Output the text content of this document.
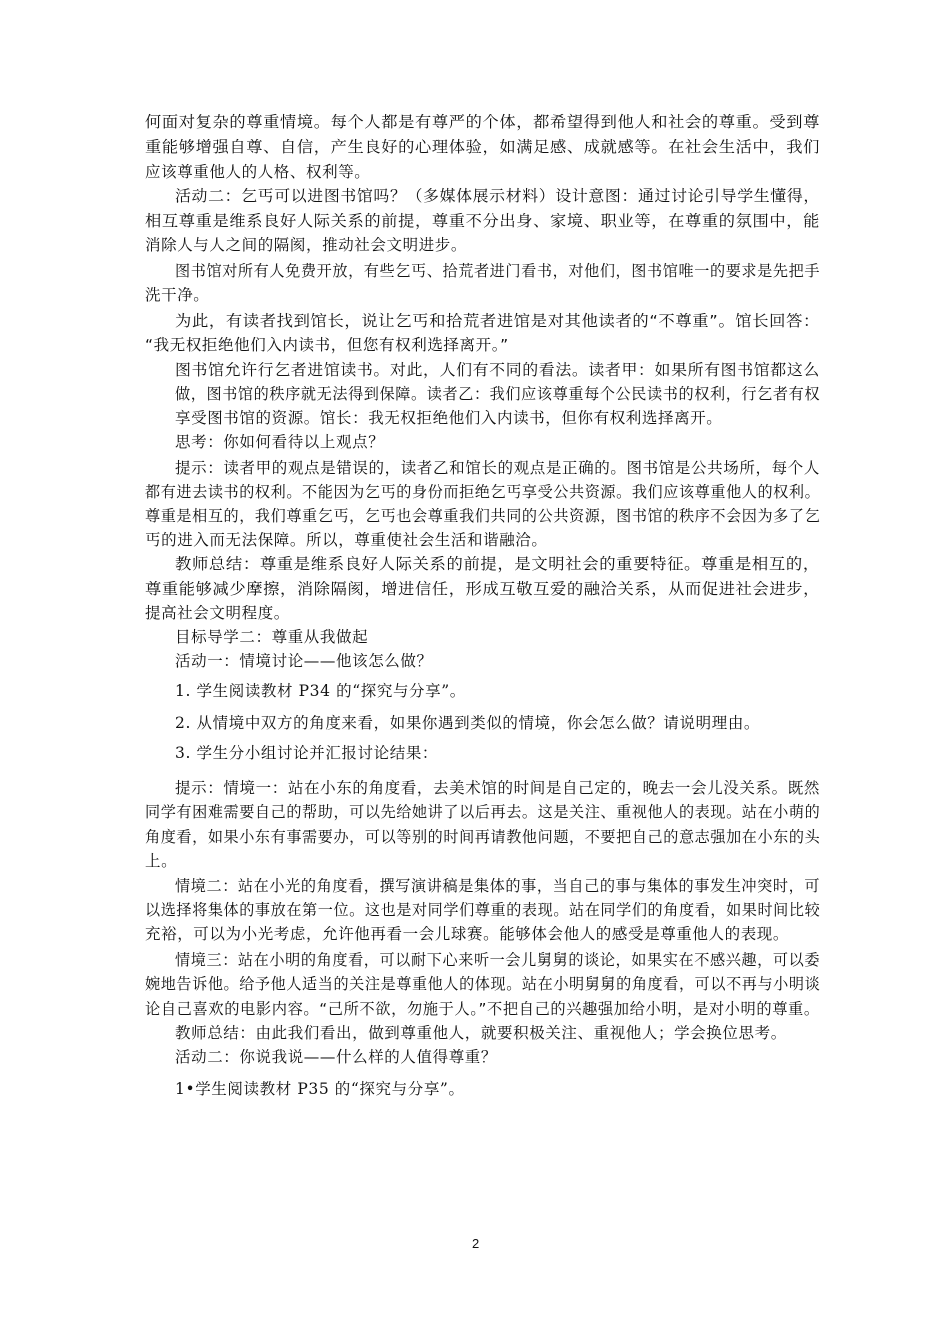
何面对复杂的尊重情境。每个人都是有尊严的个体，都希望得到他人和社会的尊重。受到尊
重能够增强自尊、自信，产生良好的心理体验，如满足感、成就感等。在社会生活中，我们
应该尊重他人的人格、权利等。
活动二：乞丐可以进图书馆吗？（多媒体展示材料）设计意图：通过讨论引导学生懂得，
相互尊重是维系良好人际关系的前提，尊重不分出身、家境、职业等，在尊重的氛围中，能
消除人与人之间的隔阂，推动社会文明进步。
图书馆对所有人免费开放，有些乞丐、拾荒者进门看书，对他们，图书馆唯一的要求是先把手
洗干净。
为此，有读者找到馆长，说让乞丐和拾荒者进馆是对其他读者的“不尊重”。馆长回答：
“我无权拒绝他们入内读书，但您有权利选择离开。”
图书馆允许行乞者进馆读书。对此，人们有不同的看法。读者甲：如果所有图书馆都这么
做，图书馆的秩序就无法得到保障。读者乙：我们应该尊重每个公民读书的权利，行乞者有权
享受图书馆的资源。馆长：我无权拒绝他们入内读书，但你有权利选择离开。
思考：你如何看待以上观点？
提示：读者甲的观点是错误的，读者乙和馆长的观点是正确的。图书馆是公共场所，每个人
都有进去读书的权利。不能因为乞丐的身份而拒绝乞丐享受公共资源。我们应该尊重他人的权利。
尊重是相互的，我们尊重乞丐，乞丐也会尊重我们共同的公共资源，图书馆的秩序不会因为多了乞
丐的进入而无法保障。所以，尊重使社会生活和谐融洽。
教师总结：尊重是维系良好人际关系的前提，是文明社会的重要特征。尊重是相互的，
尊重能够减少摩擦，消除隔阂，增进信任，形成互敬互爱的融洽关系，从而促进社会进步，
提高社会文明程度。
目标导学二：尊重从我做起
活动一：情境讨论——他该怎么做？
1. 学生阅读教材 P34 的“探究与分享”。
2. 从情境中双方的角度来看，如果你遇到类似的情境，你会怎么做？请说明理由。
3. 学生分小组讨论并汇报讨论结果：
提示：情境一：站在小东的角度看，去美术馆的时间是自己定的，晚去一会儿没关系。既然
同学有困难需要自己的帮助，可以先给她讲了以后再去。这是关注、重视他人的表现。站在小萌的
角度看，如果小东有事需要办，可以等别的时间再请教他问题，不要把自己的意志强加在小东的头
上。
情境二：站在小光的角度看，撰写演讲稿是集体的事，当自己的事与集体的事发生冲突时，可
以选择将集体的事放在第一位。这也是对同学们尊重的表现。站在同学们的角度看，如果时间比较
充裕，可以为小光考虑，允许他再看一会儿球赛。能够体会他人的感受是尊重他人的表现。
情境三：站在小明的角度看，可以耐下心来听一会儿舅舅的谈论，如果实在不感兴趣，可以委
婉地告诉他。给予他人适当的关注是尊重他人的体现。站在小明舅舅的角度看，可以不再与小明谈
论自己喜欢的电影内容。“己所不欲，勿施于人。”不把自己的兴趣强加给小明，是对小明的尊重。
教师总结：由此我们看出，做到尊重他人，就要积极关注、重视他人；学会换位思考。
活动二：你说我说——什么样的人值得尊重？
1•学生阅读教材 P35 的“探究与分享”。
2
